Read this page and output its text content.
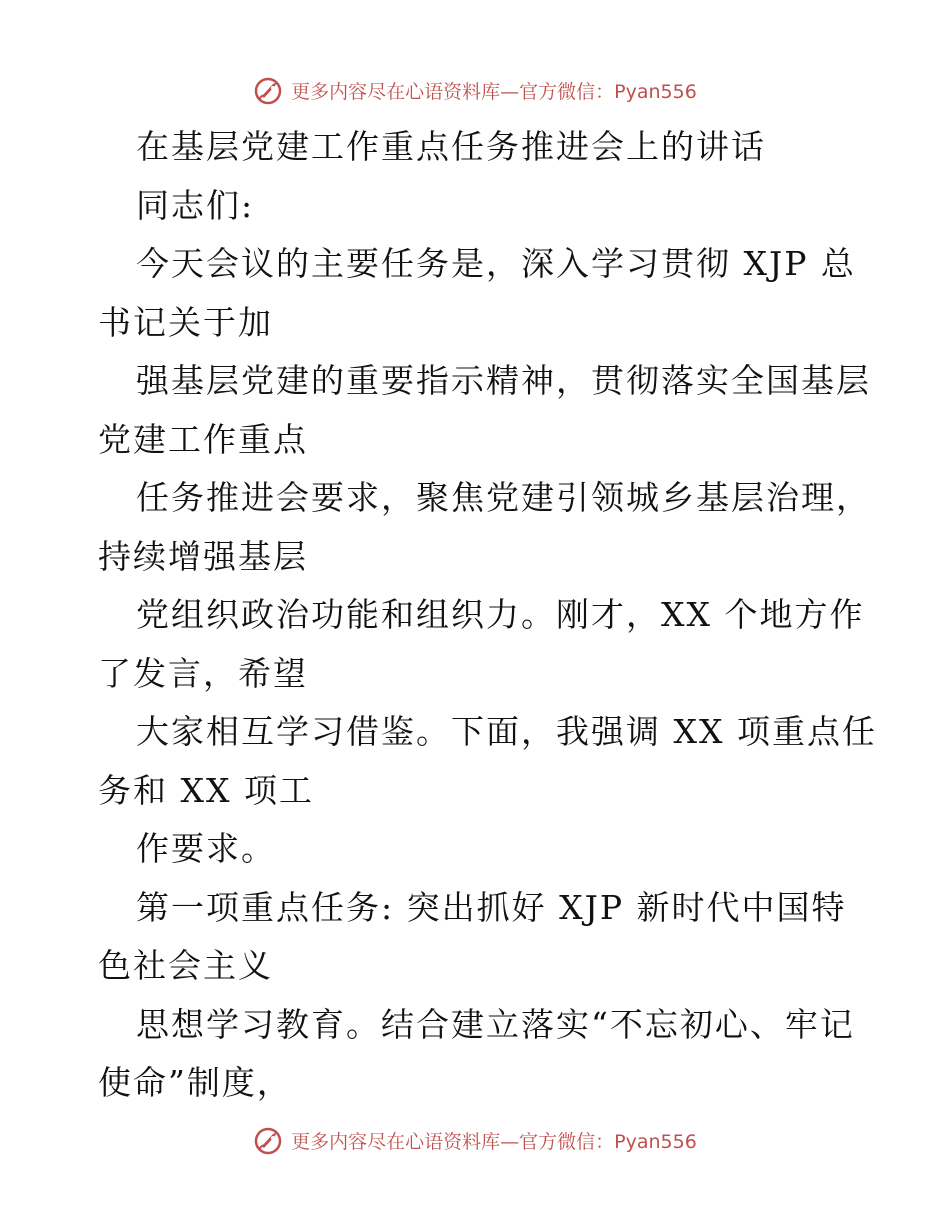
更多内容尽在心语资料库—官方微信：Pyan556
在基层党建工作重点任务推进会上的讲话
同志们:
今天会议的主要任务是，深入学习贯彻 XJP 总
书记关于加
强基层党建的重要指示精神，贯彻落实全国基层
党建工作重点
任务推进会要求，聚焦党建引领城乡基层治理，
持续增强基层
党组织政治功能和组织力。刚才，XX 个地方作
了发言，希望
大家相互学习借鉴。下面，我强调 XX 项重点任
务和 XX 项工
作要求。
第一项重点任务: 突出抓好 XJP 新时代中国特
色社会主义
思想学习教育。结合建立落实“不忘初心、牢记
使命”制度，
更多内容尽在心语资料库—官方微信：Pyan556
